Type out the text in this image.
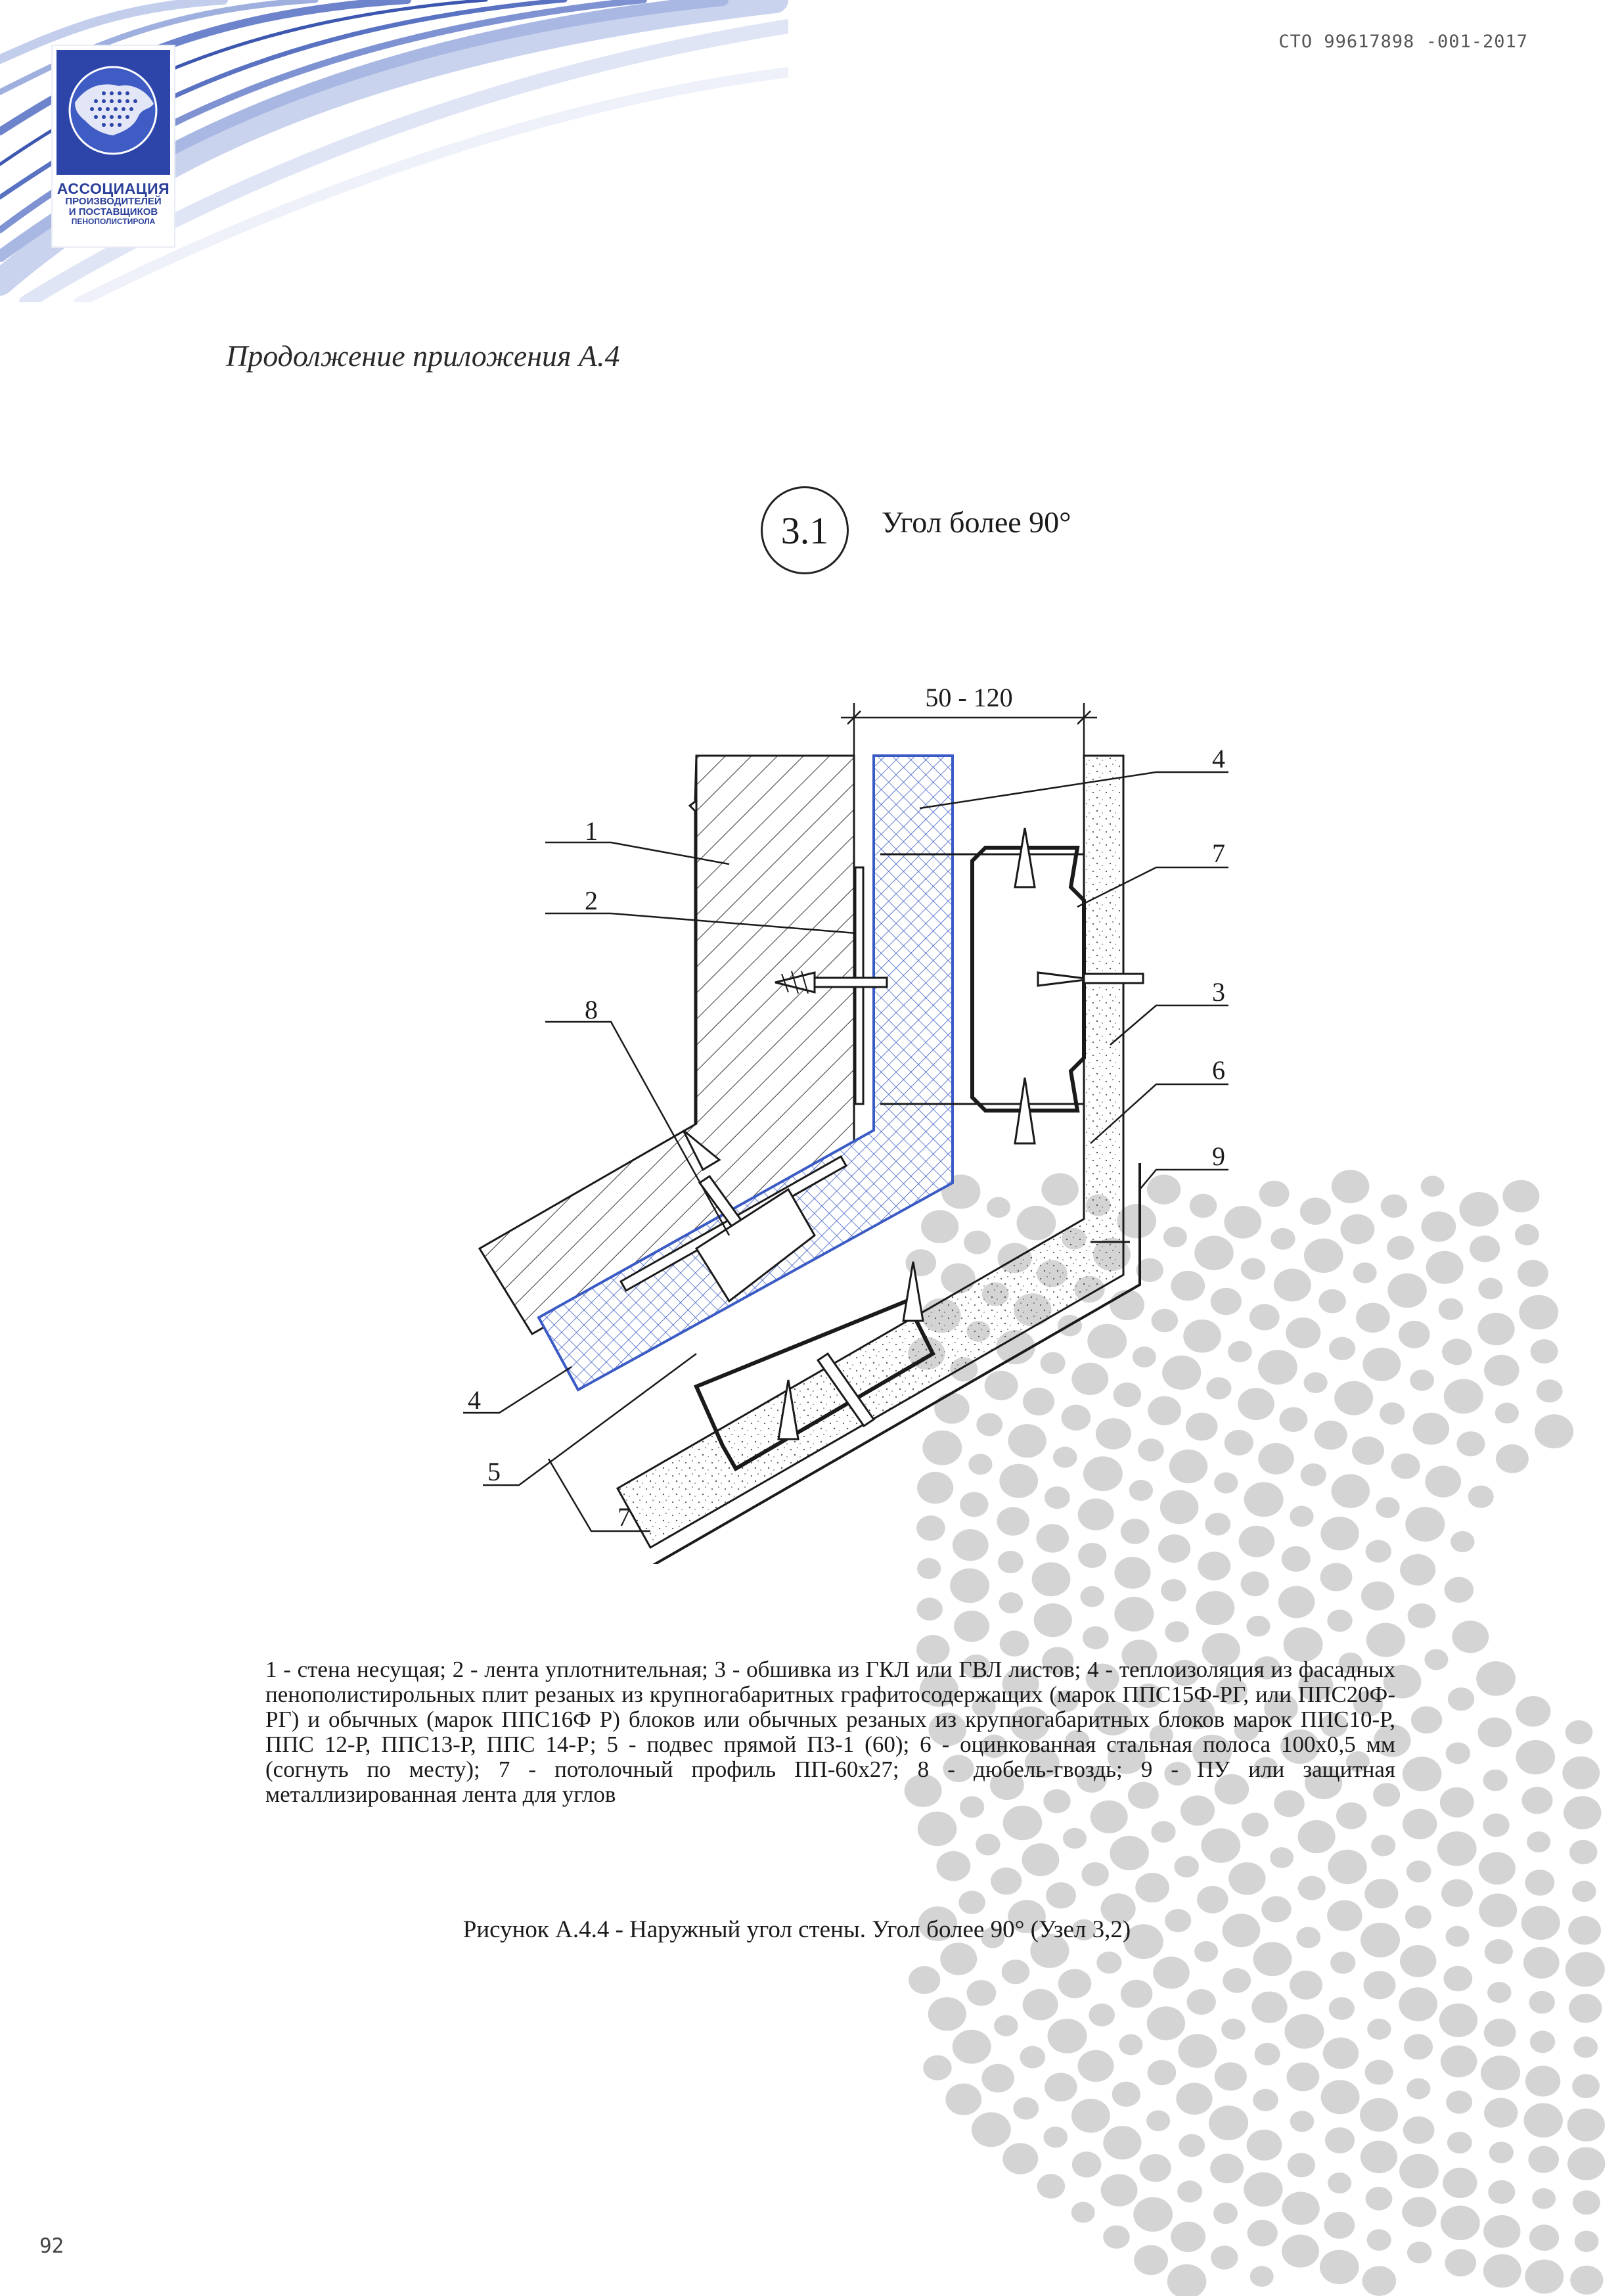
АССОЦИАЦИЯ
ПРОИЗВОДИТЕЛЕЙ
И ПОСТАВЩИКОВ
ПЕНОПОЛИСТИРОЛА
СТО 99617898 -001-2017
Продолжение приложения А.4
3.1	Угол более 90°
50 - 120
1
2
8
4
7
3
6
9
4
5
7
1 - стена несущая; 2 - лента уплотнительная; 3 - обшивка из ГКЛ или ГВЛ листов; 4 - теплоизоляция из фасадных пенополистирольных плит резаных из крупногабаритных графитосодержащих (марок ППС15Ф-РГ, или ППС20Ф-РГ) и обычных (марок ППС16Ф Р) блоков или обычных резаных из крупногабаритных блоков марок ППС10-Р, ППС 12-Р, ППС13-Р, ППС 14-Р; 5 - подвес прямой ПЗ-1 (60); 6 - оцинкованная стальная полоса 100х0,5 мм (согнуть по месту); 7 - потолочный профиль ПП-60х27; 8 - дюбель-гвоздь; 9 - ПУ или защитная металлизированная лента для углов
Рисунок А.4.4 - Наружный угол стены. Угол более 90° (Узел 3,2)
92
